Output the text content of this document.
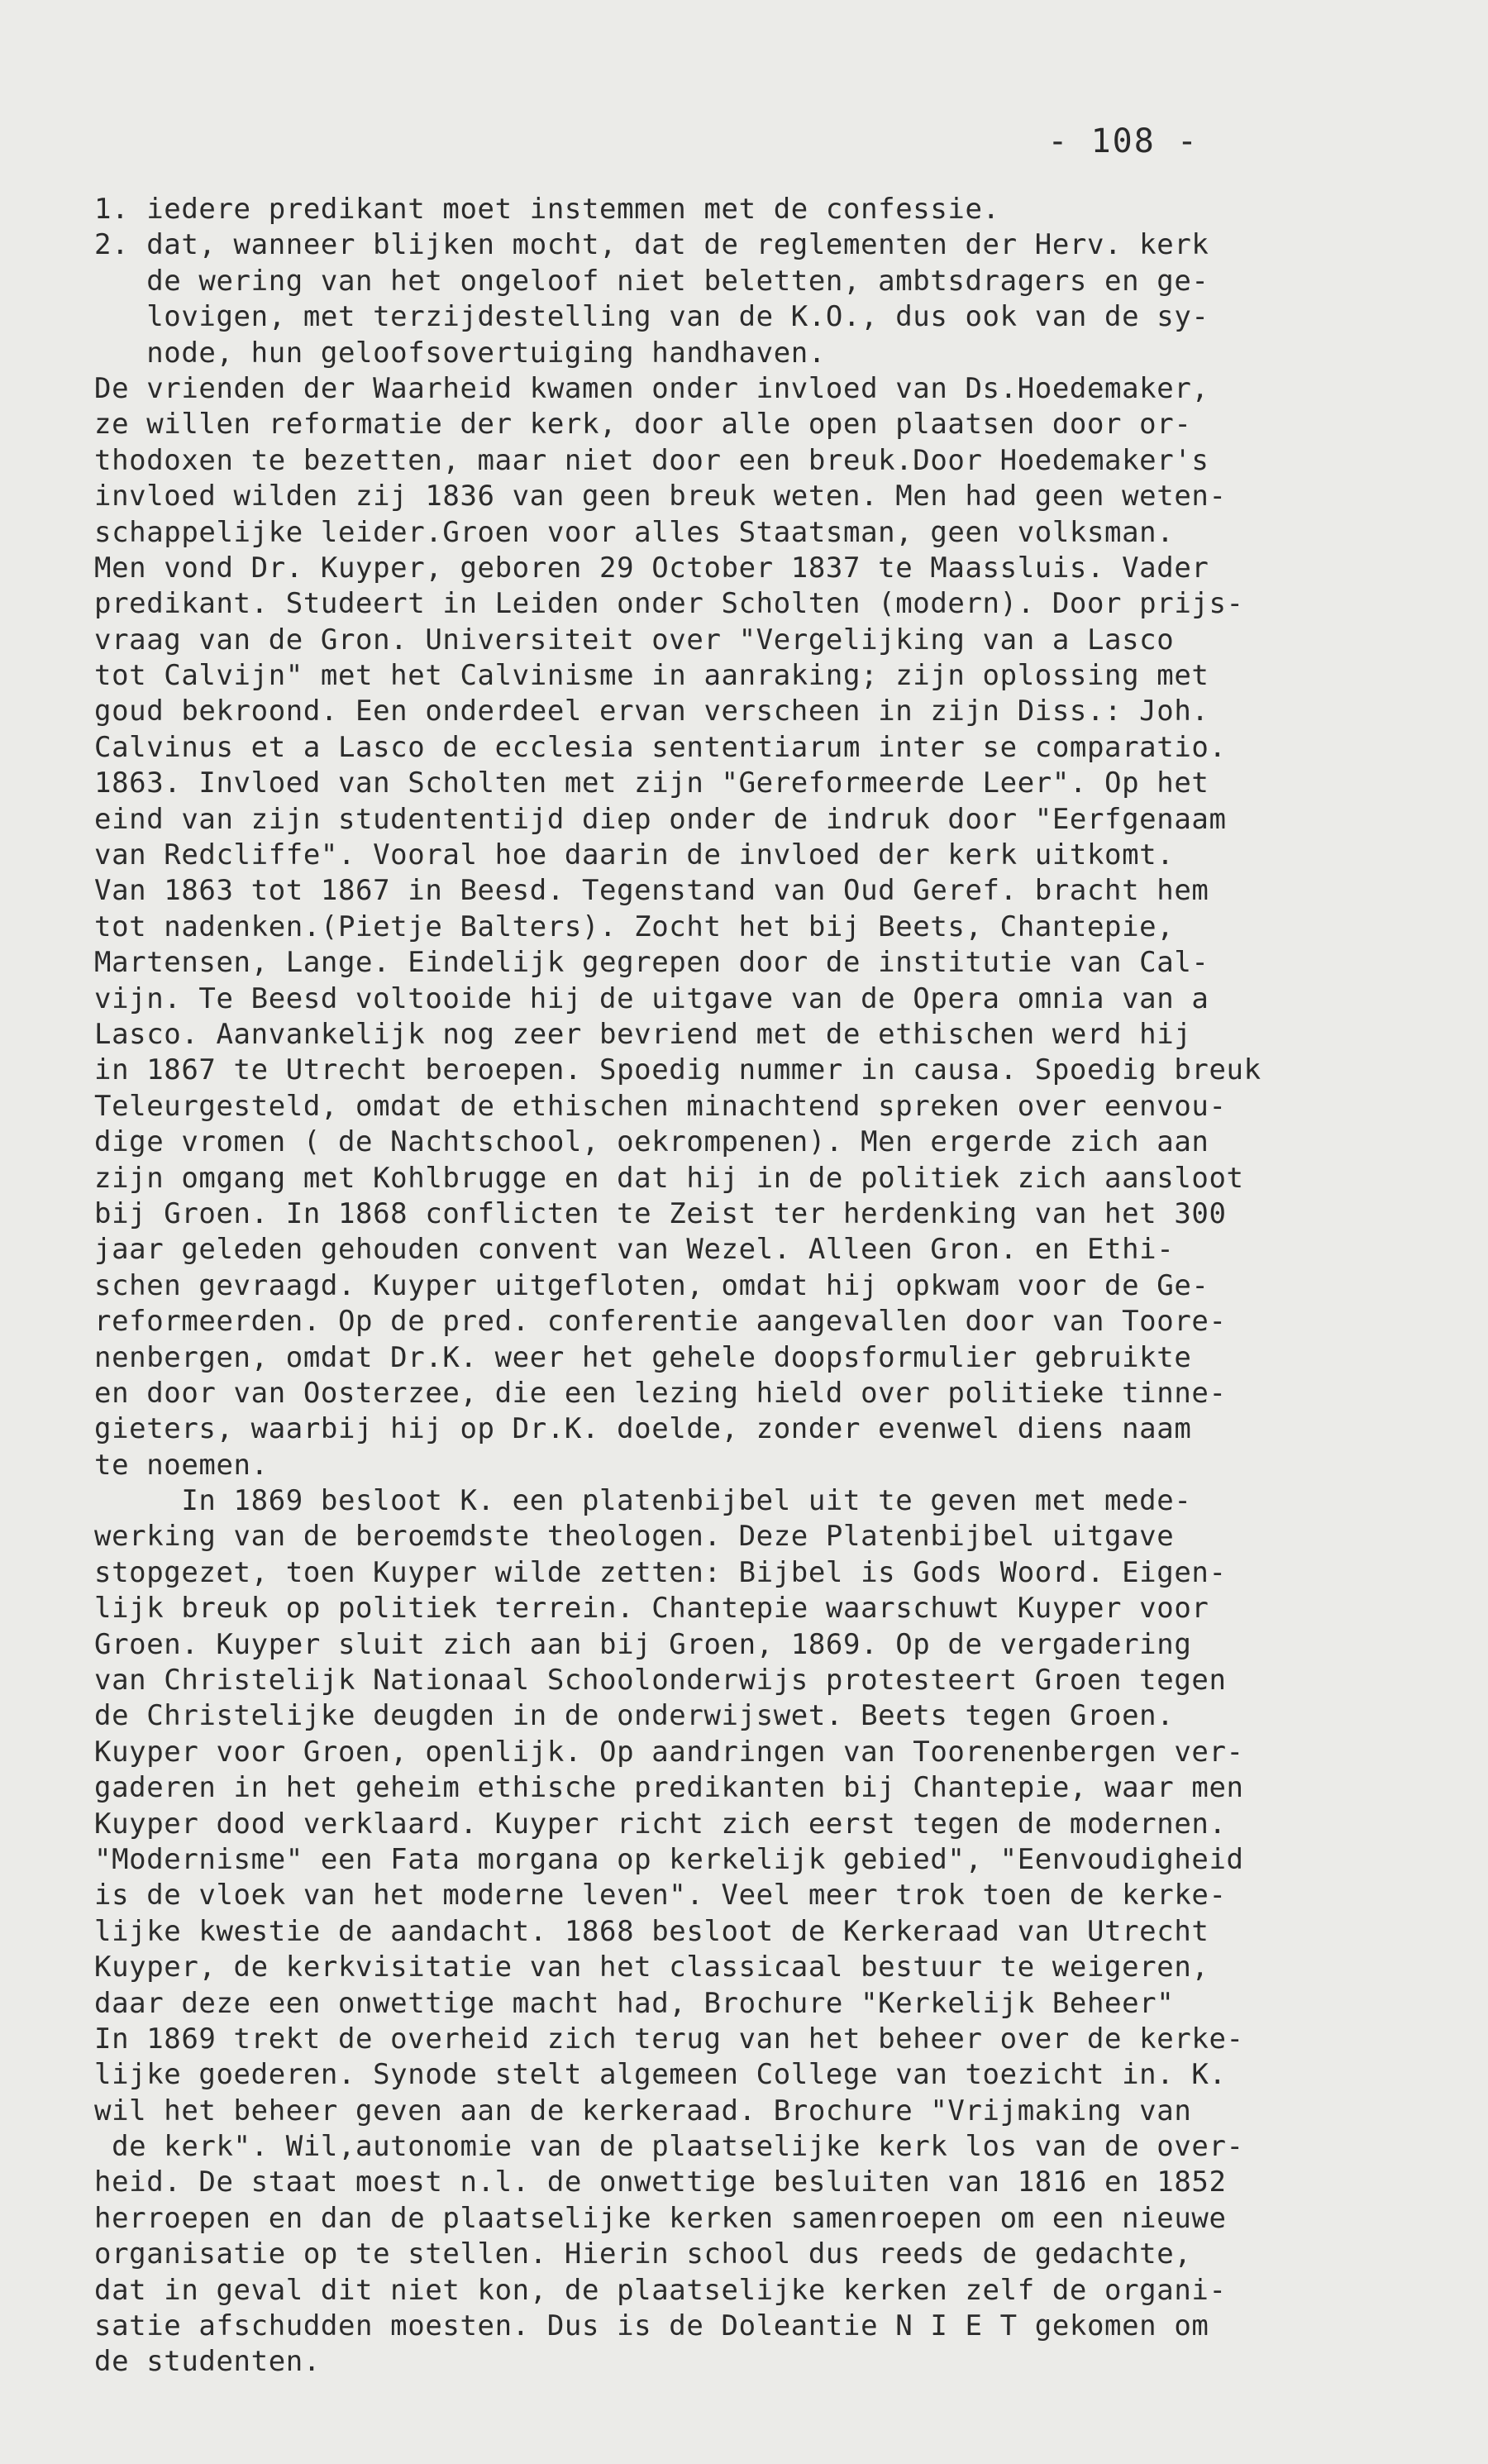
- 108 -
1. iedere predikant moet instemmen met de confessie.
2. dat, wanneer blijken mocht, dat de reglementen der Herv. kerk
de wering van het ongeloof niet beletten, ambtsdragers en ge-
lovigen, met terzijdestelling van de K.O., dus ook van de sy-
node, hun geloofsovertuiging handhaven.
De vrienden der Waarheid kwamen onder invloed van Ds.Hoedemaker,
ze willen reformatie der kerk, door alle open plaatsen door or-
thodoxen te bezetten, maar niet door een breuk.Door Hoedemaker's
invloed wilden zij 1836 van geen breuk weten. Men had geen weten-
schappelijke leider.Groen voor alles Staatsman, geen volksman.
Men vond Dr. Kuyper, geboren 29 October 1837 te Maassluis. Vader
predikant. Studeert in Leiden onder Scholten (modern). Door prijs-
vraag van de Gron. Universiteit over "Vergelijking van a Lasco
tot Calvijn" met het Calvinisme in aanraking; zijn oplossing met
goud bekroond. Een onderdeel ervan verscheen in zijn Diss.: Joh.
Calvinus et a Lasco de ecclesia sententiarum inter se comparatio.
1863. Invloed van Scholten met zijn "Gereformeerde Leer". Op het
eind van zijn studententijd diep onder de indruk door "Eerfgenaam
van Redcliffe". Vooral hoe daarin de invloed der kerk uitkomt.
Van 1863 tot 1867 in Beesd. Tegenstand van Oud Geref. bracht hem
tot nadenken.(Pietje Balters). Zocht het bij Beets, Chantepie,
Martensen, Lange. Eindelijk gegrepen door de institutie van Cal-
vijn. Te Beesd voltooide hij de uitgave van de Opera omnia van a
Lasco. Aanvankelijk nog zeer bevriend met de ethischen werd hij
in 1867 te Utrecht beroepen. Spoedig nummer in causa. Spoedig breuk
Teleurgesteld, omdat de ethischen minachtend spreken over eenvou-
dige vromen ( de Nachtschool, oekrompenen). Men ergerde zich aan
zijn omgang met Kohlbrugge en dat hij in de politiek zich aansloot
bij Groen. In 1868 conflicten te Zeist ter herdenking van het 300
jaar geleden gehouden convent van Wezel. Alleen Gron. en Ethi-
schen gevraagd. Kuyper uitgefloten, omdat hij opkwam voor de Ge-
reformeerden. Op de pred. conferentie aangevallen door van Toore-
nenbergen, omdat Dr.K. weer het gehele doopsformulier gebruikte
en door van Oosterzee, die een lezing hield over politieke tinne-
gieters, waarbij hij op Dr.K. doelde, zonder evenwel diens naam
te noemen.
In 1869 besloot K. een platenbijbel uit te geven met mede-
werking van de beroemdste theologen. Deze Platenbijbel uitgave
stopgezet, toen Kuyper wilde zetten: Bijbel is Gods Woord. Eigen-
lijk breuk op politiek terrein. Chantepie waarschuwt Kuyper voor
Groen. Kuyper sluit zich aan bij Groen, 1869. Op de vergadering
van Christelijk Nationaal Schoolonderwijs protesteert Groen tegen
de Christelijke deugden in de onderwijswet. Beets tegen Groen.
Kuyper voor Groen, openlijk. Op aandringen van Toorenenbergen ver-
gaderen in het geheim ethische predikanten bij Chantepie, waar men
Kuyper dood verklaard. Kuyper richt zich eerst tegen de modernen.
"Modernisme" een Fata morgana op kerkelijk gebied", "Eenvoudigheid
is de vloek van het moderne leven". Veel meer trok toen de kerke-
lijke kwestie de aandacht. 1868 besloot de Kerkeraad van Utrecht
Kuyper, de kerkvisitatie van het classicaal bestuur te weigeren,
daar deze een onwettige macht had, Brochure "Kerkelijk Beheer"
In 1869 trekt de overheid zich terug van het beheer over de kerke-
lijke goederen. Synode stelt algemeen College van toezicht in. K.
wil het beheer geven aan de kerkeraad. Brochure "Vrijmaking van
de kerk". Wil,autonomie van de plaatselijke kerk los van de over-
heid. De staat moest n.l. de onwettige besluiten van 1816 en 1852
herroepen en dan de plaatselijke kerken samenroepen om een nieuwe
organisatie op te stellen. Hierin school dus reeds de gedachte,
dat in geval dit niet kon, de plaatselijke kerken zelf de organi-
satie afschudden moesten. Dus is de Doleantie N I E T gekomen om
de studenten.
